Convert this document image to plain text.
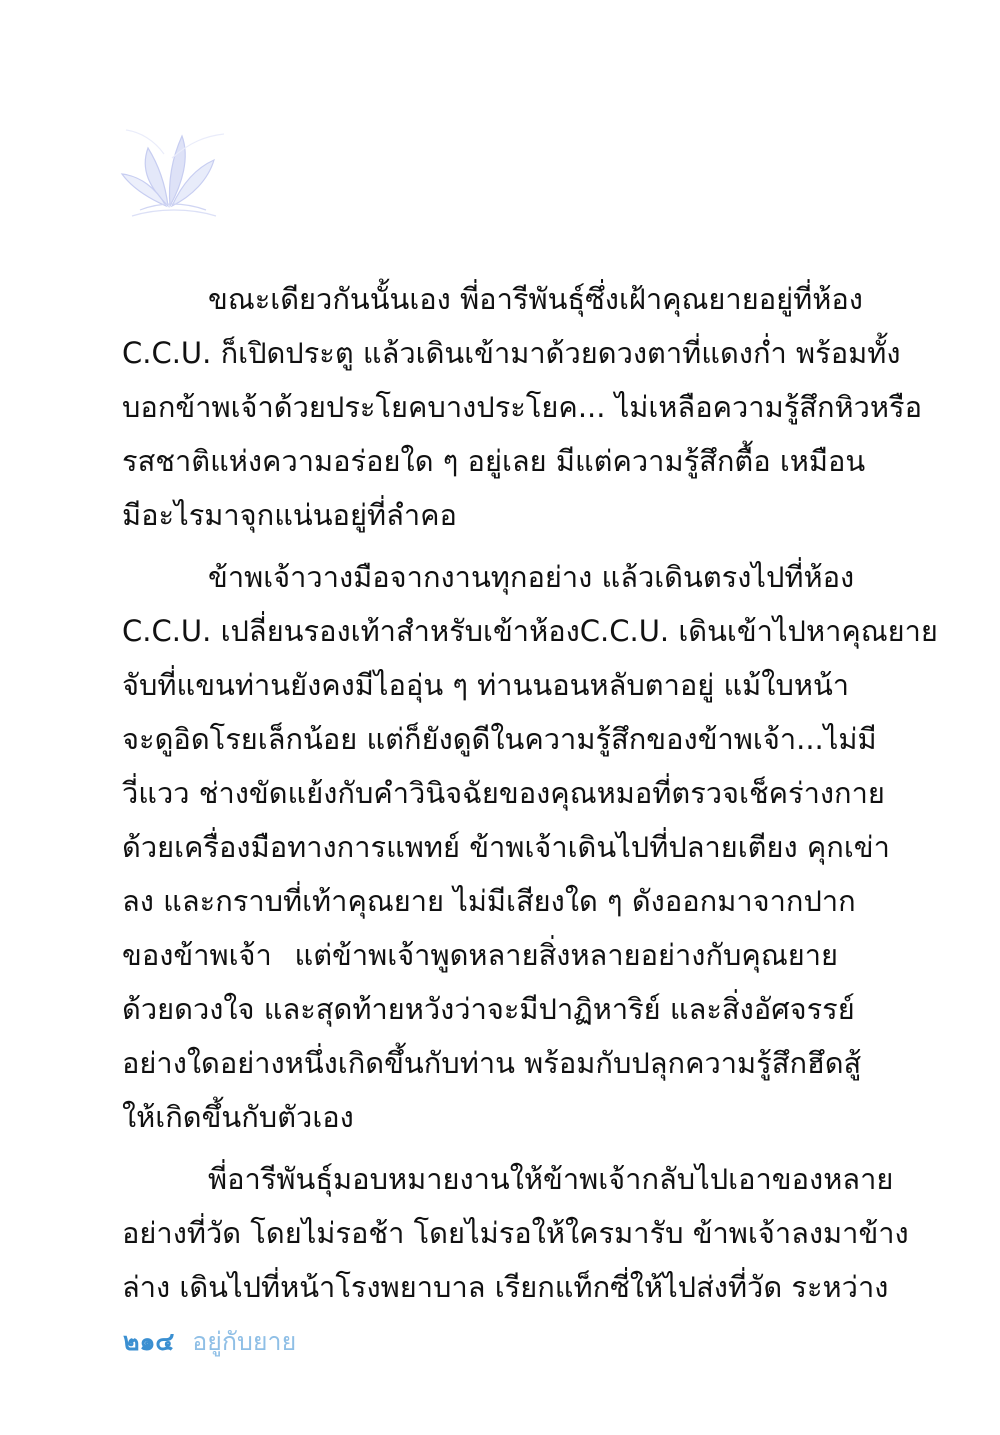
ขณะเดียวกันนั้นเอง พี่อารีพันธุ์ซึ่งเฝ้าคุณยายอยู่ที่ห้อง
C.C.U. ก็เปิดประตู แล้วเดินเข้ามาด้วยดวงตาที่แดงก่ำ พร้อมทั้ง
บอกข้าพเจ้าด้วยประโยคบางประโยค... ไม่เหลือความรู้สึกหิวหรือ
รสชาติแห่งความอร่อยใด ๆ อยู่เลย มีแต่ความรู้สึกตื้อ เหมือน
มีอะไรมาจุกแน่นอยู่ที่ลำคอ

ข้าพเจ้าวางมือจากงานทุกอย่าง แล้วเดินตรงไปที่ห้อง
C.C.U. เปลี่ยนรองเท้าสำหรับเข้าห้องC.C.U. เดินเข้าไปหาคุณยาย
จับที่แขนท่านยังคงมีไออุ่น ๆ ท่านนอนหลับตาอยู่ แม้ใบหน้า
จะดูอิดโรยเล็กน้อย แต่ก็ยังดูดีในความรู้สึกของข้าพเจ้า...ไม่มี
วี่แวว ช่างขัดแย้งกับคำวินิจฉัยของคุณหมอที่ตรวจเช็คร่างกาย
ด้วยเครื่องมือทางการแพทย์ ข้าพเจ้าเดินไปที่ปลายเตียง คุกเข่า
ลง และกราบที่เท้าคุณยาย ไม่มีเสียงใด ๆ ดังออกมาจากปาก
ของข้าพเจ้า แต่ข้าพเจ้าพูดหลายสิ่งหลายอย่างกับคุณยาย
ด้วยดวงใจ และสุดท้ายหวังว่าจะมีปาฏิหาริย์ และสิ่งอัศจรรย์
อย่างใดอย่างหนึ่งเกิดขึ้นกับท่าน พร้อมกับปลุกความรู้สึกฮึดสู้
ให้เกิดขึ้นกับตัวเอง

พี่อารีพันธุ์มอบหมายงานให้ข้าพเจ้ากลับไปเอาของหลาย
อย่างที่วัด โดยไม่รอช้า โดยไม่รอให้ใครมารับ ข้าพเจ้าลงมาข้าง
ล่าง เดินไปที่หน้าโรงพยาบาล เรียกแท็กซี่ให้ไปส่งที่วัด ระหว่าง

๒๑๔ อยู่กับยาย
